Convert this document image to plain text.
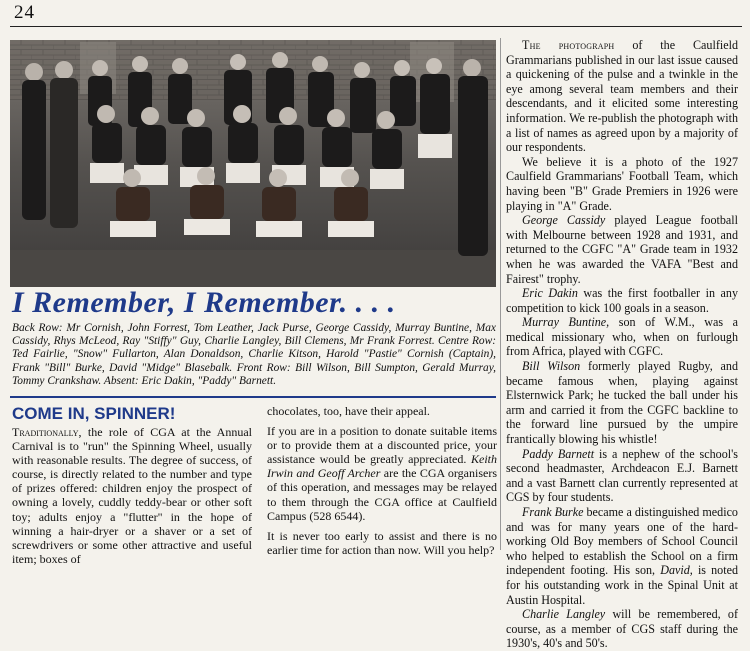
24

The photograph of the Caulfield Grammarians published in our last issue caused a quickening of the pulse and a twinkle in the eye among several team members and their descendants, and it elicited some interesting information. We re-publish the photograph with a list of names as agreed upon by a majority of our respondents.

We believe it is a photo of the 1927 Caulfield Grammarians' Football Team, which having been "B" Grade Premiers in 1926 were playing in "A" Grade.

George Cassidy played League football with Melbourne between 1928 and 1931, and returned to the CGFC "A" Grade team in 1932 when he was awarded the VAFA "Best and Fairest" trophy.

Eric Dakin was the first footballer in any competition to kick 100 goals in a season.

Murray Buntine, son of W.M., was a medical missionary who, when on furlough from Africa, played with CGFC.

Bill Wilson formerly played Rugby, and became famous when, playing against Elsternwick Park; he tucked the ball under his arm and carried it from the CGFC backline to the forward line pursued by the umpire frantically blowing his whistle!

Paddy Barnett is a nephew of the school's second headmaster, Archdeacon E.J. Barnett and a vast Barnett clan currently represented at CGS by four students.

Frank Burke became a distinguished medico and was for many years one of the hard-working Old Boy members of School Council who helped to establish the School on a firm independent footing. His son, David, is noted for his outstanding work in the Spinal Unit at Austin Hospital.

Charlie Langley will be remembered, of course, as a member of CGS staff during the 1930's, 40's and 50's.

I Remember, I Remember. . . .
Back Row: Mr Cornish, John Forrest, Tom Leather, Jack Purse, George Cassidy, Murray Buntine, Max Cassidy, Rhys McLeod, Ray "Stiffy" Guy, Charlie Langley, Bill Clemens, Mr Frank Forrest. Centre Row: Ted Fairlie, "Snow" Fullarton, Alan Donaldson, Charlie Kitson, Harold "Pastie" Cornish (Captain), Frank "Bill" Burke, David "Midge" Blasebalk. Front Row: Bill Wilson, Bill Sumpton, Gerald Murray, Tommy Crankshaw. Absent: Eric Dakin, "Paddy" Barnett.
COME IN, SPINNER!

Traditionally, the role of CGA at the Annual Carnival is to "run" the Spinning Wheel, usually with reasonable results. The degree of success, of course, is directly related to the number and type of prizes offered: children enjoy the prospect of owning a lovely, cuddly teddy-bear or other soft toy; adults enjoy a "flutter" in the hope of winning a hair-dryer or a shaver or a set of screwdrivers or some other attractive and useful item; boxes of

chocolates, too, have their appeal.

If you are in a position to donate suitable items or to provide them at a discounted price, your assistance would be greatly appreciated. Keith Irwin and Geoff Archer are the CGA organisers of this operation, and messages may be relayed to them through the CGA office at Caulfield Campus (528 6544).

It is never too early to assist and there is no earlier time for action than now. Will you help?
